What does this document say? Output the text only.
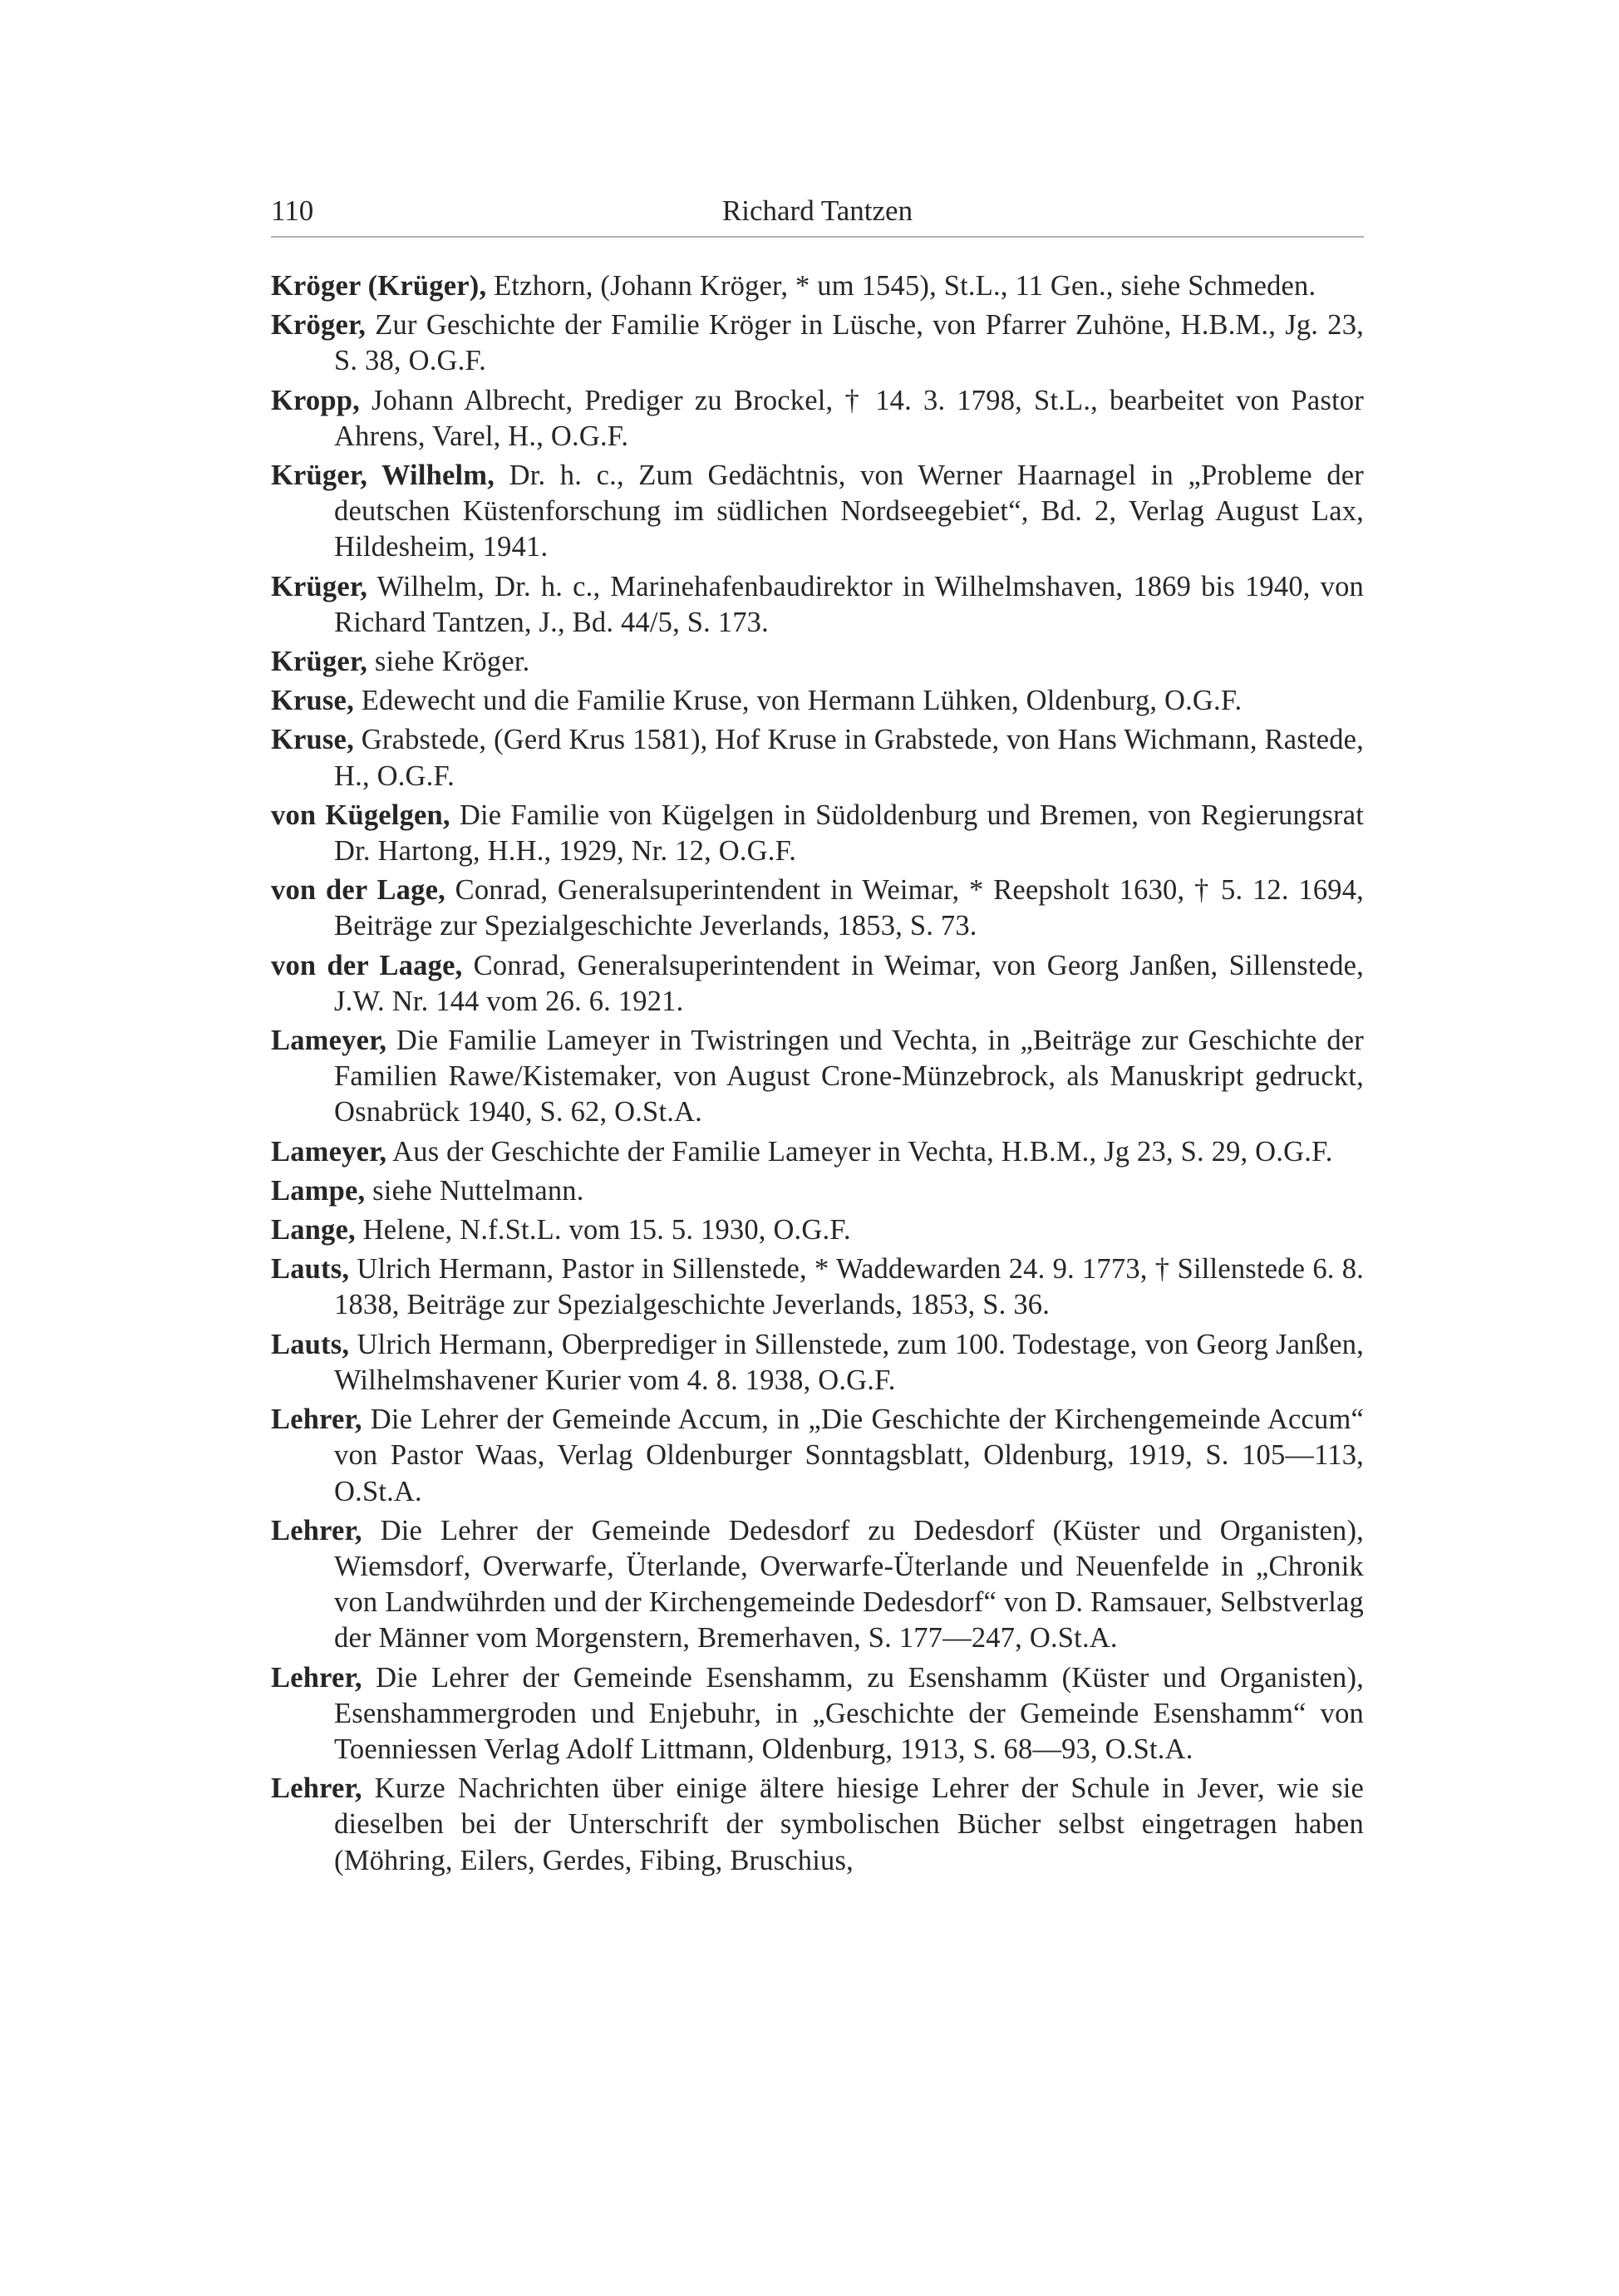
110	Richard Tantzen

Kröger (Krüger), Etzhorn, (Johann Kröger, * um 1545), St.L., 11 Gen., siehe Schmeden.

Kröger, Zur Geschichte der Familie Kröger in Lüsche, von Pfarrer Zuhöne, H.B.M., Jg. 23, S. 38, O.G.F.

Kropp, Johann Albrecht, Prediger zu Brockel, † 14. 3. 1798, St.L., bearbeitet von Pastor Ahrens, Varel, H., O.G.F.

Krüger, Wilhelm, Dr. h. c., Zum Gedächtnis, von Werner Haarnagel in „Probleme der deutschen Küstenforschung im südlichen Nordseegebiet“, Bd. 2, Verlag August Lax, Hildesheim, 1941.

Krüger, Wilhelm, Dr. h. c., Marinehafenbaudirektor in Wilhelmshaven, 1869 bis 1940, von Richard Tantzen, J., Bd. 44/5, S. 173.

Krüger, siehe Kröger.

Kruse, Edewecht und die Familie Kruse, von Hermann Lühken, Oldenburg, O.G.F.

Kruse, Grabstede, (Gerd Krus 1581), Hof Kruse in Grabstede, von Hans Wichmann, Rastede, H., O.G.F.

von Kügelgen, Die Familie von Kügelgen in Südoldenburg und Bremen, von Regierungsrat Dr. Hartong, H.H., 1929, Nr. 12, O.G.F.

von der Lage, Conrad, Generalsuperintendent in Weimar, * Reepsholt 1630, † 5. 12. 1694, Beiträge zur Spezialgeschichte Jeverlands, 1853, S. 73.

von der Laage, Conrad, Generalsuperintendent in Weimar, von Georg Janßen, Sillenstede, J.W. Nr. 144 vom 26. 6. 1921.

Lameyer, Die Familie Lameyer in Twistringen und Vechta, in „Beiträge zur Geschichte der Familien Rawe/Kistemaker, von August Crone-Münzebrock, als Manuskript gedruckt, Osnabrück 1940, S. 62, O.St.A.

Lameyer, Aus der Geschichte der Familie Lameyer in Vechta, H.B.M., Jg 23, S. 29, O.G.F.

Lampe, siehe Nuttelmann.

Lange, Helene, N.f.St.L. vom 15. 5. 1930, O.G.F.

Lauts, Ulrich Hermann, Pastor in Sillenstede, * Waddewarden 24. 9. 1773, † Sillenstede 6. 8. 1838, Beiträge zur Spezialgeschichte Jeverlands, 1853, S. 36.

Lauts, Ulrich Hermann, Oberprediger in Sillenstede, zum 100. Todestage, von Georg Janßen, Wilhelmshavener Kurier vom 4. 8. 1938, O.G.F.

Lehrer, Die Lehrer der Gemeinde Accum, in „Die Geschichte der Kirchengemeinde Accum“ von Pastor Waas, Verlag Oldenburger Sonntagsblatt, Oldenburg, 1919, S. 105—113, O.St.A.

Lehrer, Die Lehrer der Gemeinde Dedesdorf zu Dedesdorf (Küster und Organisten), Wiemsdorf, Overwarfe, Üterlande, Overwarfe-Üterlande und Neuenfelde in „Chronik von Landwührden und der Kirchengemeinde Dedesdorf“ von D. Ramsauer, Selbstverlag der Männer vom Morgenstern, Bremerhaven, S. 177—247, O.St.A.

Lehrer, Die Lehrer der Gemeinde Esenshamm, zu Esenshamm (Küster und Organisten), Esenshammergroden und Enjebuhr, in „Geschichte der Gemeinde Esenshamm“ von Toenniessen Verlag Adolf Littmann, Oldenburg, 1913, S. 68—93, O.St.A.

Lehrer, Kurze Nachrichten über einige ältere hiesige Lehrer der Schule in Jever, wie sie dieselben bei der Unterschrift der symbolischen Bücher selbst eingetragen haben (Möhring, Eilers, Gerdes, Fibing, Bruschius,
